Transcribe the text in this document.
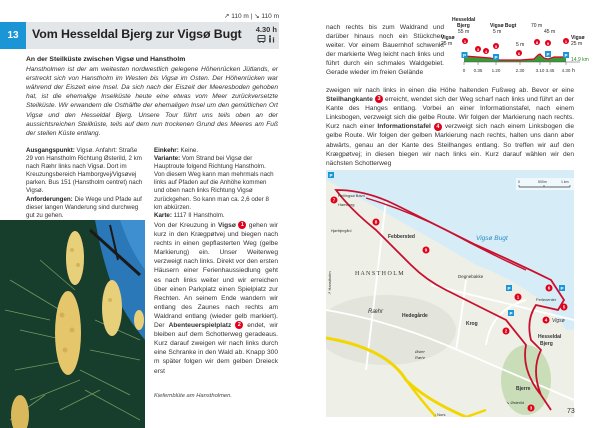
↗ 110 m | ↘ 110 m
13	Vom Hesseldal Bjerg zur Vigsø Bugt	4.30 h
An der Steilküste zwischen Vigsø und Hanstholm
Hanstholmen ist der am weitesten nordwestlich gelegene Höhenrücken Jütlands, er erstreckt sich von Hanstholm im Westen bis Vigsø im Osten. Der Höhenrücken war während der Eiszeit eine Insel. Da sich nach der Eiszeit der Meeresboden gehoben hat, ist die ehemalige Inselküste heute eine etwas vom Meer zurückversetzte Steilküste. Wir erwandern die Osthälfte der ehemaligen Insel um den gemütlichen Ort Vigsø und den Hesseldal Bjerg. Unsere Tour führt uns teils oben an der aussichtsreichen Steilküste, teils auf dem nun trockenen Grund des Meeres am Fuß der steilen Küste entlang.
Ausgangspunkt: Vigsø. Anfahrt: Straße 29 von Hanstholm Richtung Østerild, 2 km nach Ræhr links nach Vigsø. Dort im Kreuzungsbereich Hamborgvej/Vigsøvej parken. Bus 151 (Hanstholm centret) nach Vigsø.
Anforderungen: Die Wege und Pfade auf dieser langen Wanderung sind durchweg gut zu gehen.
Einkehr: Keine.
Variante: Vom Strand bei Vigsø der Hauptroute folgend Richtung Hanstholm. Von diesem Weg kann man mehrmals nach links auf Pfaden auf die Anhöhe kommen und oben nach links Richtung Vigsø zurückgehen. So kann man ca. 2,6 oder 8 km abkürzen.
Karte: 1117 II Hanstholm.
Von der Kreuzung in Vigsø 1 gehen wir kurz in den Krægpøtvej und biegen nach rechts in einen gepflasterten Weg (gelbe Markierung) ein. Unser Weiterweg verzweigt nach links. Direkt vor den ersten Häusern einer Ferienhaussiedlung geht es nach links weiter und wir erreichen über einen Parkplatz einen Spielplatz zur Rechten. An seinem Ende wandern wir entlang des Zaunes nach rechts am Waldrand entlang (wieder gelb markiert). Der Abenteuerspielplatz 2 endet, wir bleiben auf dem Schotterweg geradeaus. Kurz darauf zweigen wir nach links durch eine Schranke in den Wald ab. Knapp 300 m später folgen wir dem gelben Dreieck erst
Kiefernblüte am Hanstholmen.
nach rechts bis zum Waldrand und darüber hinaus noch ein Stückchen weiter. Vor einem Bauernhof schwenkt der markierte Weg leicht nach links und führt durch ein schmales Waldgebiet. Gerade wieder im freien Gelände
Hesseldal
Bjerg
55 m
Vigsø Bugt
5 m
70 m
45 m
5 m
Vigsø
25 m
Vigsø
25 m
0 0.35 1.20	2.30 3.10 3.45 4.30
1
P
3 4
5
P
6
8 9
P
1
P
14.9 km
h
zweigen wir nach links in einen die Höhe haltenden Fußweg ab. Bevor er eine Steilhangkante 3 erreicht, wendet sich der Weg scharf nach links und führt an der Kante des Hanges entlang. Vorbei an einer Informationstafel, nach einem Linksbogen, verzweigt sich die gelbe Route. Wir folgen der Markierung nach rechts. Kurz nach einer Informationstafel 4 verzweigt sich nach einem Linksbogen die gelbe Route. Wir folgen der gelben Markierung nach rechts, halten uns dann aber abwärts, genau an der Kante des Steilhanges entlang. So treffen wir auf den Krægpøtvej; in diesen biegen wir nach links ein. Kurz darauf wählen wir den nächsten Schotterweg
Vigsø Bugt
Hellingsø Bavn
Hamborg
Hjørtbjergård
Febbersted
H A N S T H O L M	Degnebakke
Ræhr
Hedegårde
Krog
Øster
Ræhr
Hesseldal
Bjerg
Vigsø
Bjerre
↘ Østerild
Ferlecenter
↓ Nors
↗ Hanstholm
0	500m	1 km
P
P	P
P
1
2
3
4
5
6
7
8
9
73
